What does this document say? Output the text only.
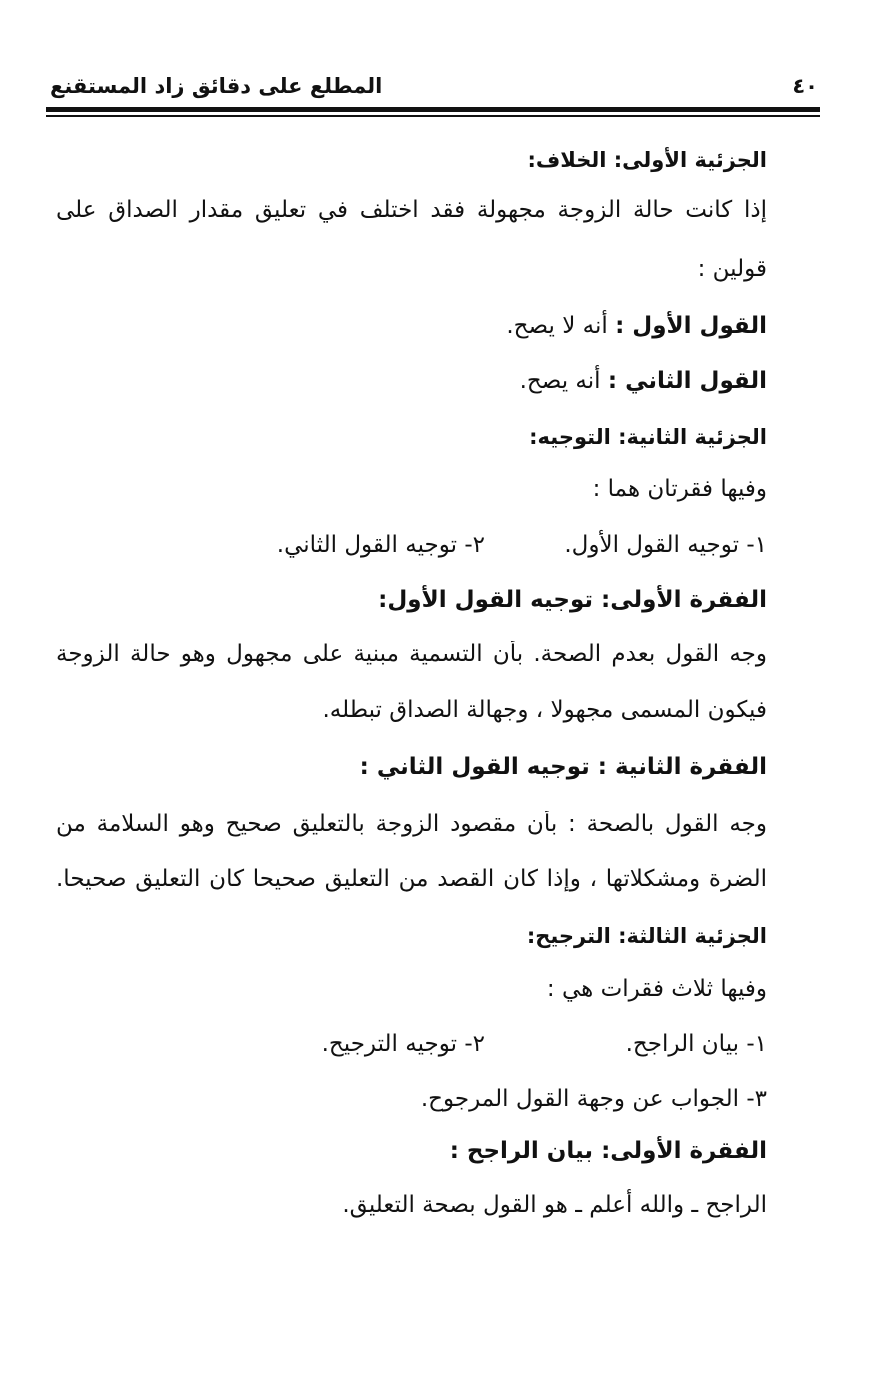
٤٠
المطلع على دقائق زاد المستقنع
الجزئية الأولى: الخلاف:
إذا كانت حالة الزوجة مجهولة فقد اختلف في تعليق مقدار الصداق على
قولين :
القول الأول : أنه لا يصح.
القول الثاني : أنه يصح.
الجزئية الثانية: التوجيه:
وفيها فقرتان هما :
١- توجيه القول الأول.
٢- توجيه القول الثاني.
الفقرة الأولى: توجيه القول الأول:
وجه القول بعدم الصحة. بأن التسمية مبنية على مجهول وهو حالة الزوجة
فيكون المسمى مجهولا ، وجهالة الصداق تبطله.
الفقرة الثانية : توجيه القول الثاني :
وجه القول بالصحة : بأن مقصود الزوجة بالتعليق صحيح وهو السلامة من
الضرة ومشكلاتها ، وإذا كان القصد من التعليق صحيحا كان التعليق صحيحا.
الجزئية الثالثة: الترجيح:
وفيها ثلاث فقرات هي :
١- بيان الراجح.
٢- توجيه الترجيح.
٣- الجواب عن وجهة القول المرجوح.
الفقرة الأولى: بيان الراجح :
الراجح ـ والله أعلم ـ هو القول بصحة التعليق.
